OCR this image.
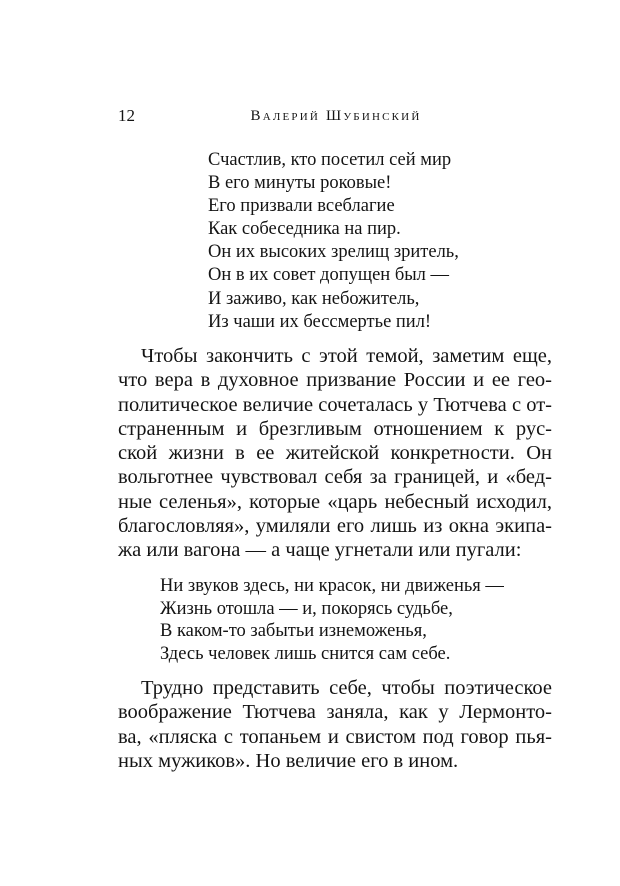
12	Валерий Шубинский
Счастлив, кто посетил сей мир
В его минуты роковые!
Его призвали всеблагие
Как собеседника на пир.
Он их высоких зрелищ зритель,
Он в их совет допущен был —
И заживо, как небожитель,
Из чаши их бессмертье пил!
Чтобы закончить с этой темой, заметим еще,
что вера в духовное призвание России и ее гео-
политическое величие сочеталась у Тютчева с от-
страненным и брезгливым отношением к рус-
ской жизни в ее житейской конкретности. Он
вольготнее чувствовал себя за границей, и «бед-
ные селенья», которые «царь небесный исходил,
благословляя», умиляли его лишь из окна экипа-
жа или вагона — а чаще угнетали или пугали:
Ни звуков здесь, ни красок, ни движенья —
Жизнь отошла — и, покорясь судьбе,
В каком-то забытьи изнеможенья,
Здесь человек лишь снится сам себе.
Трудно представить себе, чтобы поэтическое
воображение Тютчева заняла, как у Лермонто-
ва, «пляска с топаньем и свистом под говор пья-
ных мужиков». Но величие его в ином.
